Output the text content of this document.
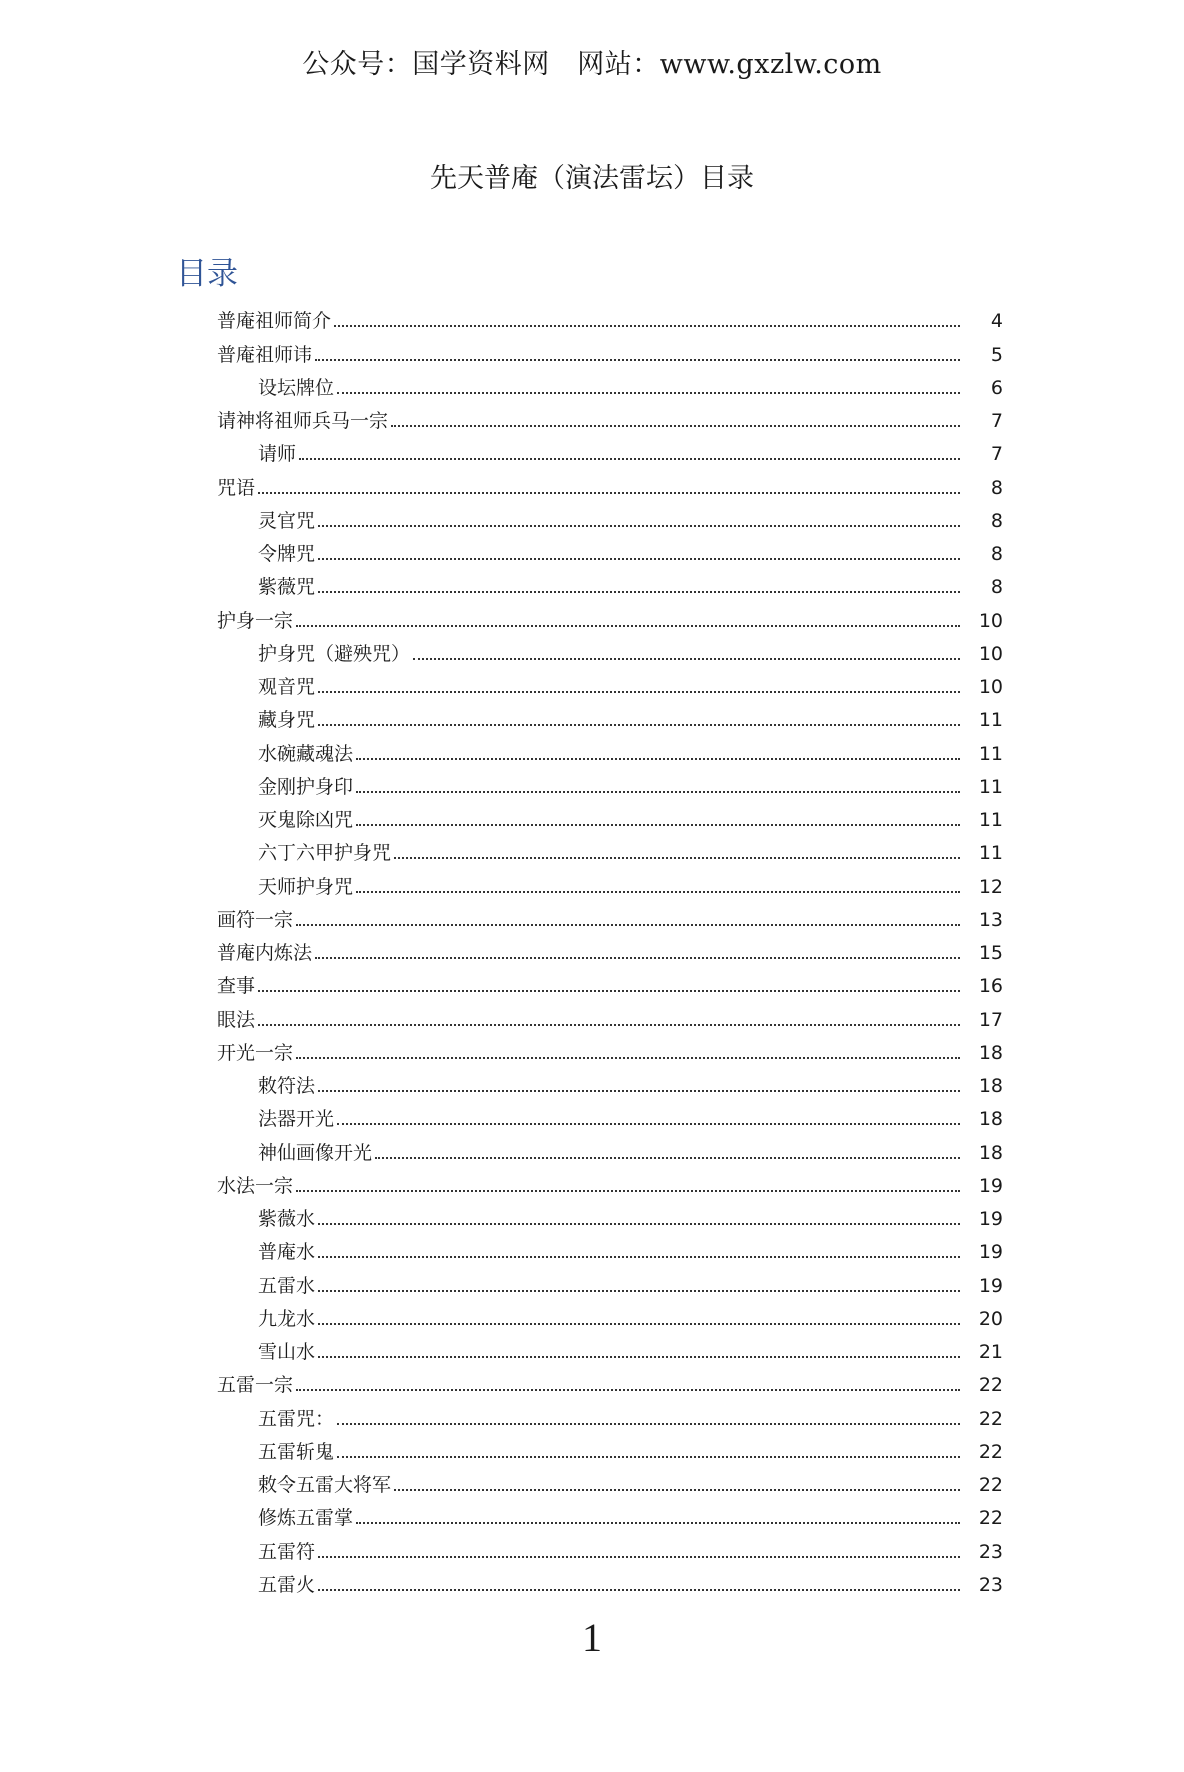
公众号：国学资料网　网站：www.gxzlw.com
先天普庵（演法雷坛）目录
目录
普庵祖师简介	4
普庵祖师讳	5
设坛牌位	6
请神将祖师兵马一宗	7
请师	7
咒语	8
灵官咒	8
令牌咒	8
紫薇咒	8
护身一宗	10
护身咒（避殃咒）	10
观音咒	10
藏身咒	11
水碗藏魂法	11
金刚护身印	11
灭鬼除凶咒	11
六丁六甲护身咒	11
天师护身咒	12
画符一宗	13
普庵内炼法	15
查事	16
眼法	17
开光一宗	18
敕符法	18
法器开光	18
神仙画像开光	18
水法一宗	19
紫薇水	19
普庵水	19
五雷水	19
九龙水	20
雪山水	21
五雷一宗	22
五雷咒：	22
五雷斩鬼	22
敕令五雷大将军	22
修炼五雷掌	22
五雷符	23
五雷火	23
1
